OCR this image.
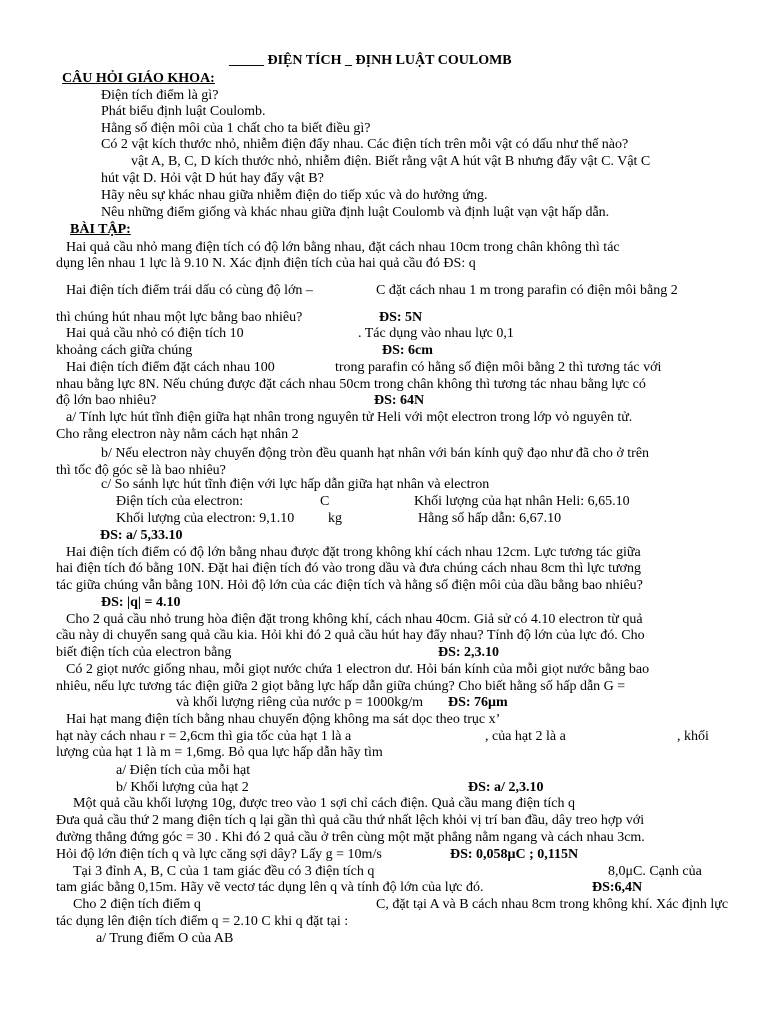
_____ ĐIỆN TÍCH _ ĐỊNH LUẬT COULOMB
CÂU HỎI GIÁO KHOA:
Điện tích điểm là gì?
Phát biểu định luật Coulomb.
Hằng số điện môi của 1 chất cho ta biết điều gì?
Có 2 vật kích thước nhỏ, nhiễm điện đẩy nhau. Các điện tích trên mỗi vật có dấu như thế nào?
vật A, B, C, D kích thước nhỏ, nhiễm điện. Biết rằng vật A hút vật B nhưng đẩy vật C. Vật C
hút vật D. Hỏi vật D hút hay đẩy vật B?
Hãy nêu sự khác nhau giữa nhiễm điện do tiếp xúc và do hưởng ứng.
Nêu những điểm giống và khác nhau giữa định luật Coulomb và định luật vạn vật hấp dẫn.
BÀI TẬP:
Hai quả cầu nhỏ mang điện tích có độ lớn bằng nhau, đặt cách nhau 10cm trong chân không thì tác
dụng lên nhau 1 lực là 9.10 N. Xác định điện tích của hai quả cầu đó ĐS: q
Hai điện tích điểm trái dấu có cùng độ lớn –	C đặt cách nhau 1 m trong parafin có điện môi bằng 2
thì chúng hút nhau một lực bằng bao nhiêu?	ĐS: 5N
Hai quả cầu nhỏ có điện tích 10	. Tác dụng vào nhau lực 0,1
khoảng cách giữa chúng	ĐS: 6cm
Hai điện tích điểm đặt cách nhau 100	trong parafin có hằng số điện môi bằng 2 thì tương tác với
nhau bằng lực 8N. Nếu chúng được đặt cách nhau 50cm trong chân không thì tương tác nhau bằng lực có
độ lớn bao nhiêu?	ĐS: 64N
a/ Tính lực hút tĩnh điện giữa hạt nhân trong nguyên tử Heli với một electron trong lớp vỏ nguyên tử.
Cho rằng electron này nằm cách hạt nhân 2
b/ Nếu electron này chuyển động tròn đều quanh hạt nhân với bán kính quỹ đạo như đã cho ở trên
thì tốc độ góc sẽ là bao nhiêu?
c/ So sánh lực hút tĩnh điện với lực hấp dẫn giữa hạt nhân và electron
Điện tích của electron:	C	Khối lượng của hạt nhân Heli: 6,65.10
Khối lượng của electron: 9,1.10 kg	Hằng số hấp dẫn: 6,67.10
ĐS: a/ 5,33.10
Hai điện tích điểm có độ lớn bằng nhau được đặt trong không khí cách nhau 12cm. Lực tương tác giữa
hai điện tích đó bằng 10N. Đặt hai điện tích đó vào trong dầu và đưa chúng cách nhau 8cm thì lực tương
tác giữa chúng vẫn bằng 10N. Hỏi độ lớn của các điện tích và hằng số điện môi của dầu bằng bao nhiêu?
ĐS: |q| = 4.10
Cho 2 quả cầu nhỏ trung hòa điện đặt trong không khí, cách nhau 40cm. Giả sử có 4.10 electron từ quả
cầu này di chuyển sang quả cầu kia. Hỏi khi đó 2 quả cầu hút hay đẩy nhau? Tính độ lớn của lực đó. Cho
biết điện tích của electron bằng	ĐS: 2,3.10
Có 2 giọt nước giống nhau, mỗi giọt nước chứa 1 electron dư. Hỏi bán kính của mỗi giọt nước bằng bao
nhiêu, nếu lực tương tác điện giữa 2 giọt bằng lực hấp dẫn giữa chúng? Cho biết hằng số hấp dẫn G =
và khối lượng riêng của nước p = 1000kg/m ĐS: 76μm
Hai hạt mang điện tích bằng nhau chuyển động không ma sát dọc theo trục x’
hạt này cách nhau r = 2,6cm thì gia tốc của hạt 1 là a	, của hạt 2 là a	, khối
lượng của hạt 1 là m = 1,6mg. Bỏ qua lực hấp dẫn hãy tìm
a/ Điện tích của mỗi hạt
b/ Khối lượng của hạt 2	ĐS: a/ 2,3.10
Một quả cầu khối lượng 10g, được treo vào 1 sợi chỉ cách điện. Quả cầu mang điện tích q
Đưa quả cầu thứ 2 mang điện tích q lại gần thì quả cầu thứ nhất lệch khỏi vị trí ban đầu, dây treo hợp với
đường thẳng đứng góc = 30 . Khi đó 2 quả cầu ở trên cùng một mặt phẳng nằm ngang và cách nhau 3cm.
Hỏi độ lớn điện tích q và lực căng sợi dây? Lấy g = 10m/s	ĐS: 0,058μC ; 0,115N
Tại 3 đỉnh A, B, C của 1 tam giác đều có 3 điện tích q	8,0μC. Cạnh của
tam giác bằng 0,15m. Hãy vẽ vectơ tác dụng lên q và tính độ lớn của lực đó.	ĐS:6,4N
Cho 2 điện tích điểm q	C, đặt tại A và B cách nhau 8cm trong không khí. Xác định lực
tác dụng lên điện tích điểm q = 2.10 C khi q đặt tại :
a/ Trung điểm O của AB
